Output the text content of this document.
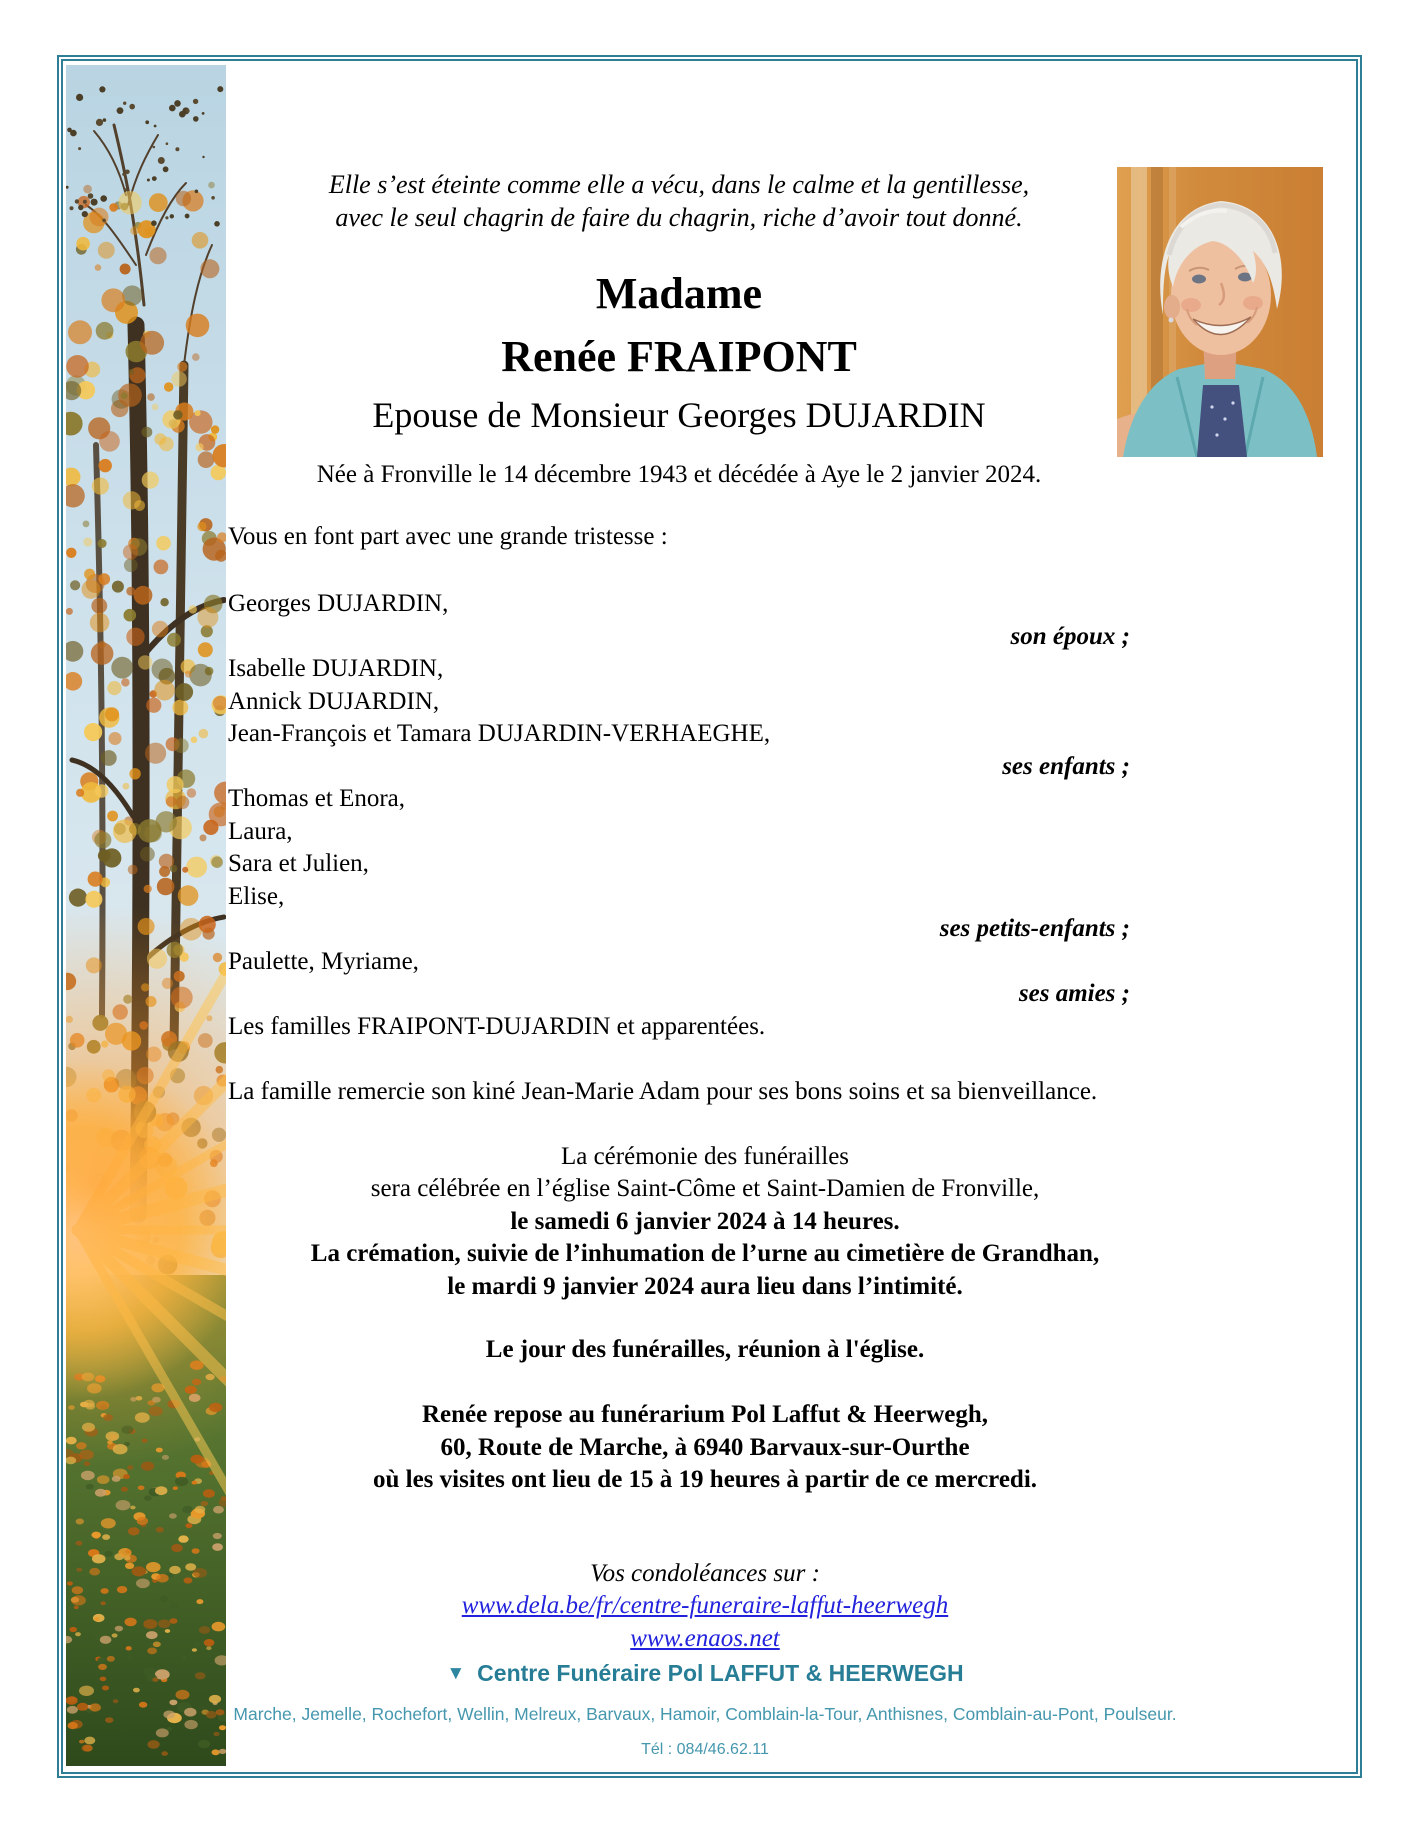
Elle s’est éteinte comme elle a vécu, dans le calme et la gentillesse,
avec le seul chagrin de faire du chagrin, riche d’avoir tout donné.
Madame
Renée FRAIPONT
Epouse de Monsieur Georges DUJARDIN
Née à Fronville le 14 décembre 1943 et décédée à Aye le 2 janvier 2024.
Vous en font part avec une grande tristesse :
Georges DUJARDIN,
son époux ;
Isabelle DUJARDIN,
Annick DUJARDIN,
Jean-François et Tamara DUJARDIN-VERHAEGHE,
ses enfants ;
Thomas et Enora,
Laura,
Sara et Julien,
Elise,
ses petits-enfants ;
Paulette, Myriame,
ses amies ;
Les familles FRAIPONT-DUJARDIN et apparentées.
La famille remercie son kiné Jean-Marie Adam pour ses bons soins et sa bienveillance.
La cérémonie des funérailles
sera célébrée en l’église Saint-Côme et Saint-Damien de Fronville,
le samedi 6 janvier 2024 à 14 heures.
La crémation, suivie de l’inhumation de l’urne au cimetière de Grandhan,
le mardi 9 janvier 2024 aura lieu dans l’intimité.
Le jour des funérailles, réunion à l'église.
Renée repose au funérarium Pol Laffut & Heerwegh,
60, Route de Marche, à 6940 Barvaux-sur-Ourthe
où les visites ont lieu de 15 à 19 heures à partir de ce mercredi.
Vos condoléances sur :
www.dela.be/fr/centre-funeraire-laffut-heerwegh
www.enaos.net
▼ Centre Funéraire Pol LAFFUT & HEERWEGH
Marche, Jemelle, Rochefort, Wellin, Melreux, Barvaux, Hamoir, Comblain-la-Tour, Anthisnes, Comblain-au-Pont, Poulseur.
Tél : 084/46.62.11
